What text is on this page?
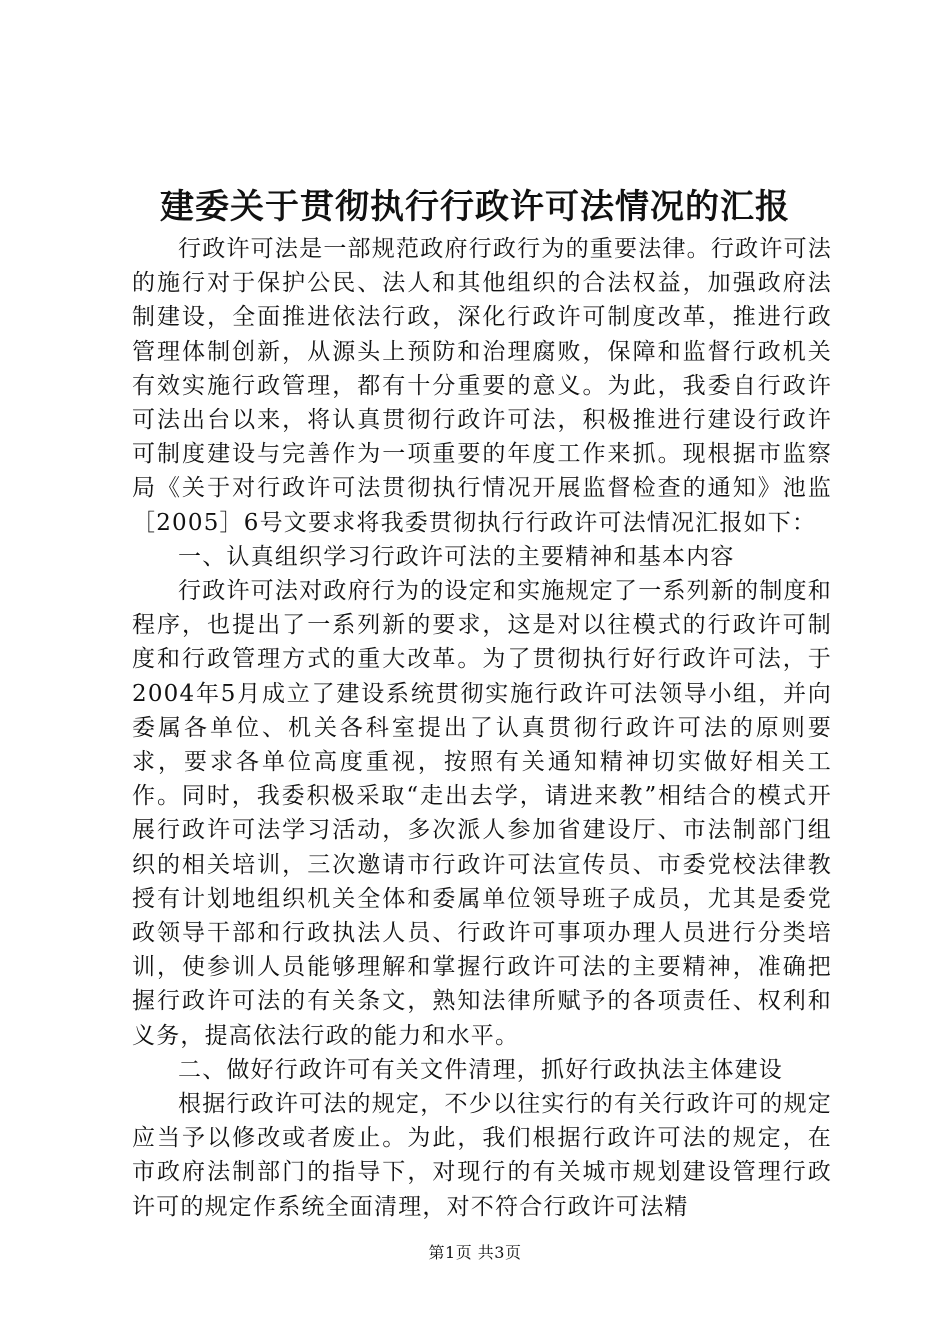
建委关于贯彻执行行政许可法情况的汇报

行政许可法是一部规范政府行政行为的重要法律。行政许可法的施行对于保护公民、法人和其他组织的合法权益，加强政府法制建设，全面推进依法行政，深化行政许可制度改革，推进行政管理体制创新，从源头上预防和治理腐败，保障和监督行政机关有效实施行政管理，都有十分重要的意义。为此，我委自行政许可法出台以来，将认真贯彻行政许可法，积极推进行建设行政许可制度建设与完善作为一项重要的年度工作来抓。现根据市监察局《关于对行政许可法贯彻执行情况开展监督检查的通知》池监［2005］6号文要求将我委贯彻执行行政许可法情况汇报如下：

一、认真组织学习行政许可法的主要精神和基本内容

行政许可法对政府行为的设定和实施规定了一系列新的制度和程序，也提出了一系列新的要求，这是对以往模式的行政许可制度和行政管理方式的重大改革。为了贯彻执行好行政许可法，于2004年5月成立了建设系统贯彻实施行政许可法领导小组，并向委属各单位、机关各科室提出了认真贯彻行政许可法的原则要求，要求各单位高度重视，按照有关通知精神切实做好相关工作。同时，我委积极采取“走出去学，请进来教”相结合的模式开展行政许可法学习活动，多次派人参加省建设厅、市法制部门组织的相关培训，三次邀请市行政许可法宣传员、市委党校法律教授有计划地组织机关全体和委属单位领导班子成员，尤其是委党政领导干部和行政执法人员、行政许可事项办理人员进行分类培训，使参训人员能够理解和掌握行政许可法的主要精神，准确把握行政许可法的有关条文，熟知法律所赋予的各项责任、权利和义务，提高依法行政的能力和水平。

二、做好行政许可有关文件清理，抓好行政执法主体建设

根据行政许可法的规定，不少以往实行的有关行政许可的规定应当予以修改或者废止。为此，我们根据行政许可法的规定，在市政府法制部门的指导下，对现行的有关城市规划建设管理行政许可的规定作系统全面清理，对不符合行政许可法精

第1页 共3页
